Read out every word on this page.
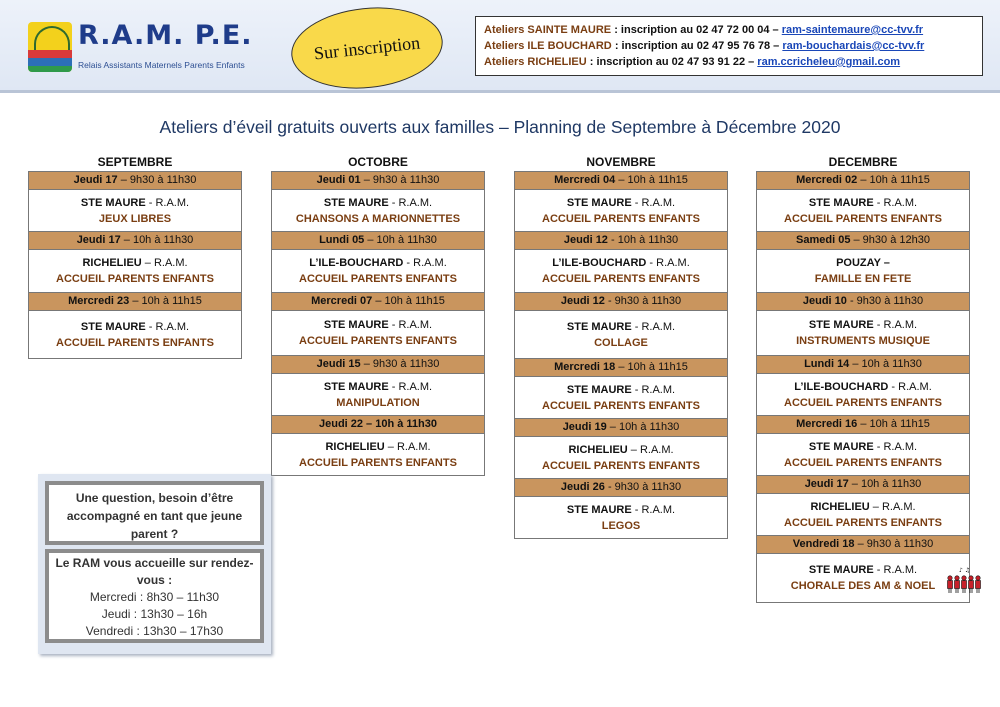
R.A.M. P.E.
Relais Assistants Maternels Parents Enfants
Sur inscription
Ateliers SAINTE MAURE : inscription au 02 47 72 00 04 – ram-saintemaure@cc-tvv.fr
Ateliers ILE BOUCHARD : inscription au 02 47 95 76 78 – ram-bouchardais@cc-tvv.fr
Ateliers RICHELIEU : inscription au 02 47 93 91 22 – ram.ccricheleu@gmail.com
Ateliers d’éveil gratuits ouverts aux familles – Planning de Septembre à Décembre 2020
SEPTEMBRE
Jeudi 17 – 9h30 à 11h30
STE MAURE - R.A.M.
JEUX LIBRES
Jeudi 17 – 10h à 11h30
RICHELIEU – R.A.M.
ACCUEIL PARENTS ENFANTS
Mercredi 23 – 10h à 11h15
STE MAURE - R.A.M.
ACCUEIL PARENTS ENFANTS
OCTOBRE
Jeudi 01 – 9h30 à 11h30
STE MAURE - R.A.M.
CHANSONS A MARIONNETTES
Lundi 05 – 10h à 11h30
L’ILE-BOUCHARD - R.A.M.
ACCUEIL PARENTS ENFANTS
Mercredi 07 – 10h à 11h15
STE MAURE - R.A.M.
ACCUEIL PARENTS ENFANTS
Jeudi 15 – 9h30 à 11h30
STE MAURE - R.A.M.
MANIPULATION
Jeudi 22 – 10h à 11h30
RICHELIEU – R.A.M.
ACCUEIL PARENTS ENFANTS
NOVEMBRE
Mercredi 04 – 10h à 11h15
STE MAURE - R.A.M.
ACCUEIL PARENTS ENFANTS
Jeudi 12 - 10h à 11h30
L’ILE-BOUCHARD - R.A.M.
ACCUEIL PARENTS ENFANTS
Jeudi 12 - 9h30 à 11h30
STE MAURE - R.A.M.
COLLAGE
Mercredi 18 – 10h à 11h15
STE MAURE - R.A.M.
ACCUEIL PARENTS ENFANTS
Jeudi 19 – 10h à 11h30
RICHELIEU – R.A.M.
ACCUEIL PARENTS ENFANTS
Jeudi 26 - 9h30 à 11h30
STE MAURE - R.A.M.
LEGOS
DECEMBRE
Mercredi 02 – 10h à 11h15
STE MAURE - R.A.M.
ACCUEIL PARENTS ENFANTS
Samedi 05 – 9h30 à 12h30
POUZAY –
FAMILLE EN FETE
Jeudi 10 - 9h30 à 11h30
STE MAURE - R.A.M.
INSTRUMENTS MUSIQUE
Lundi 14 – 10h à 11h30
L’ILE-BOUCHARD - R.A.M.
ACCUEIL PARENTS ENFANTS
Mercredi 16 – 10h à 11h15
STE MAURE - R.A.M.
ACCUEIL PARENTS ENFANTS
Jeudi 17 – 10h à 11h30
RICHELIEU – R.A.M.
ACCUEIL PARENTS ENFANTS
Vendredi 18 – 9h30 à 11h30
STE MAURE - R.A.M.
CHORALE DES AM & NOEL
♪ ♫
Une question, besoin d’être accompagné en tant que jeune parent ?
Le RAM vous accueille sur rendez-vous :
Mercredi : 8h30 – 11h30
Jeudi : 13h30 – 16h
Vendredi : 13h30 – 17h30
